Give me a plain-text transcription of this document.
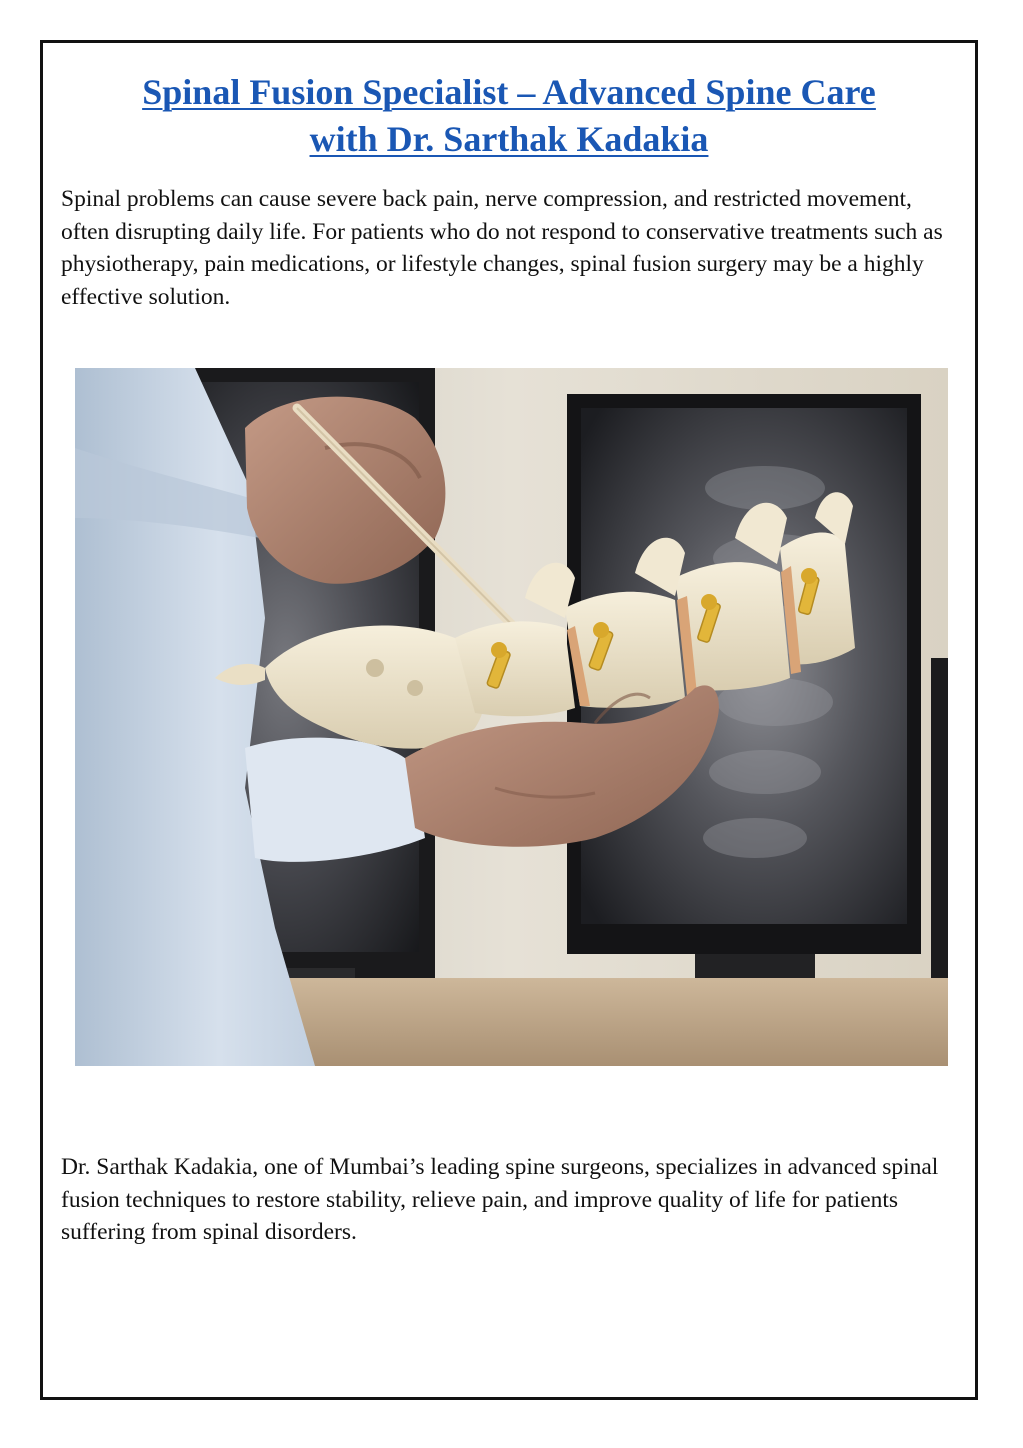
Spinal Fusion Specialist – Advanced Spine Care
with Dr. Sarthak Kadakia

Spinal problems can cause severe back pain, nerve compression, and restricted movement, often disrupting daily life. For patients who do not respond to conservative treatments such as physiotherapy, pain medications, or lifestyle changes, spinal fusion surgery may be a highly effective solution.

Dr. Sarthak Kadakia, one of Mumbai’s leading spine surgeons, specializes in advanced spinal fusion techniques to restore stability, relieve pain, and improve quality of life for patients suffering from spinal disorders.
